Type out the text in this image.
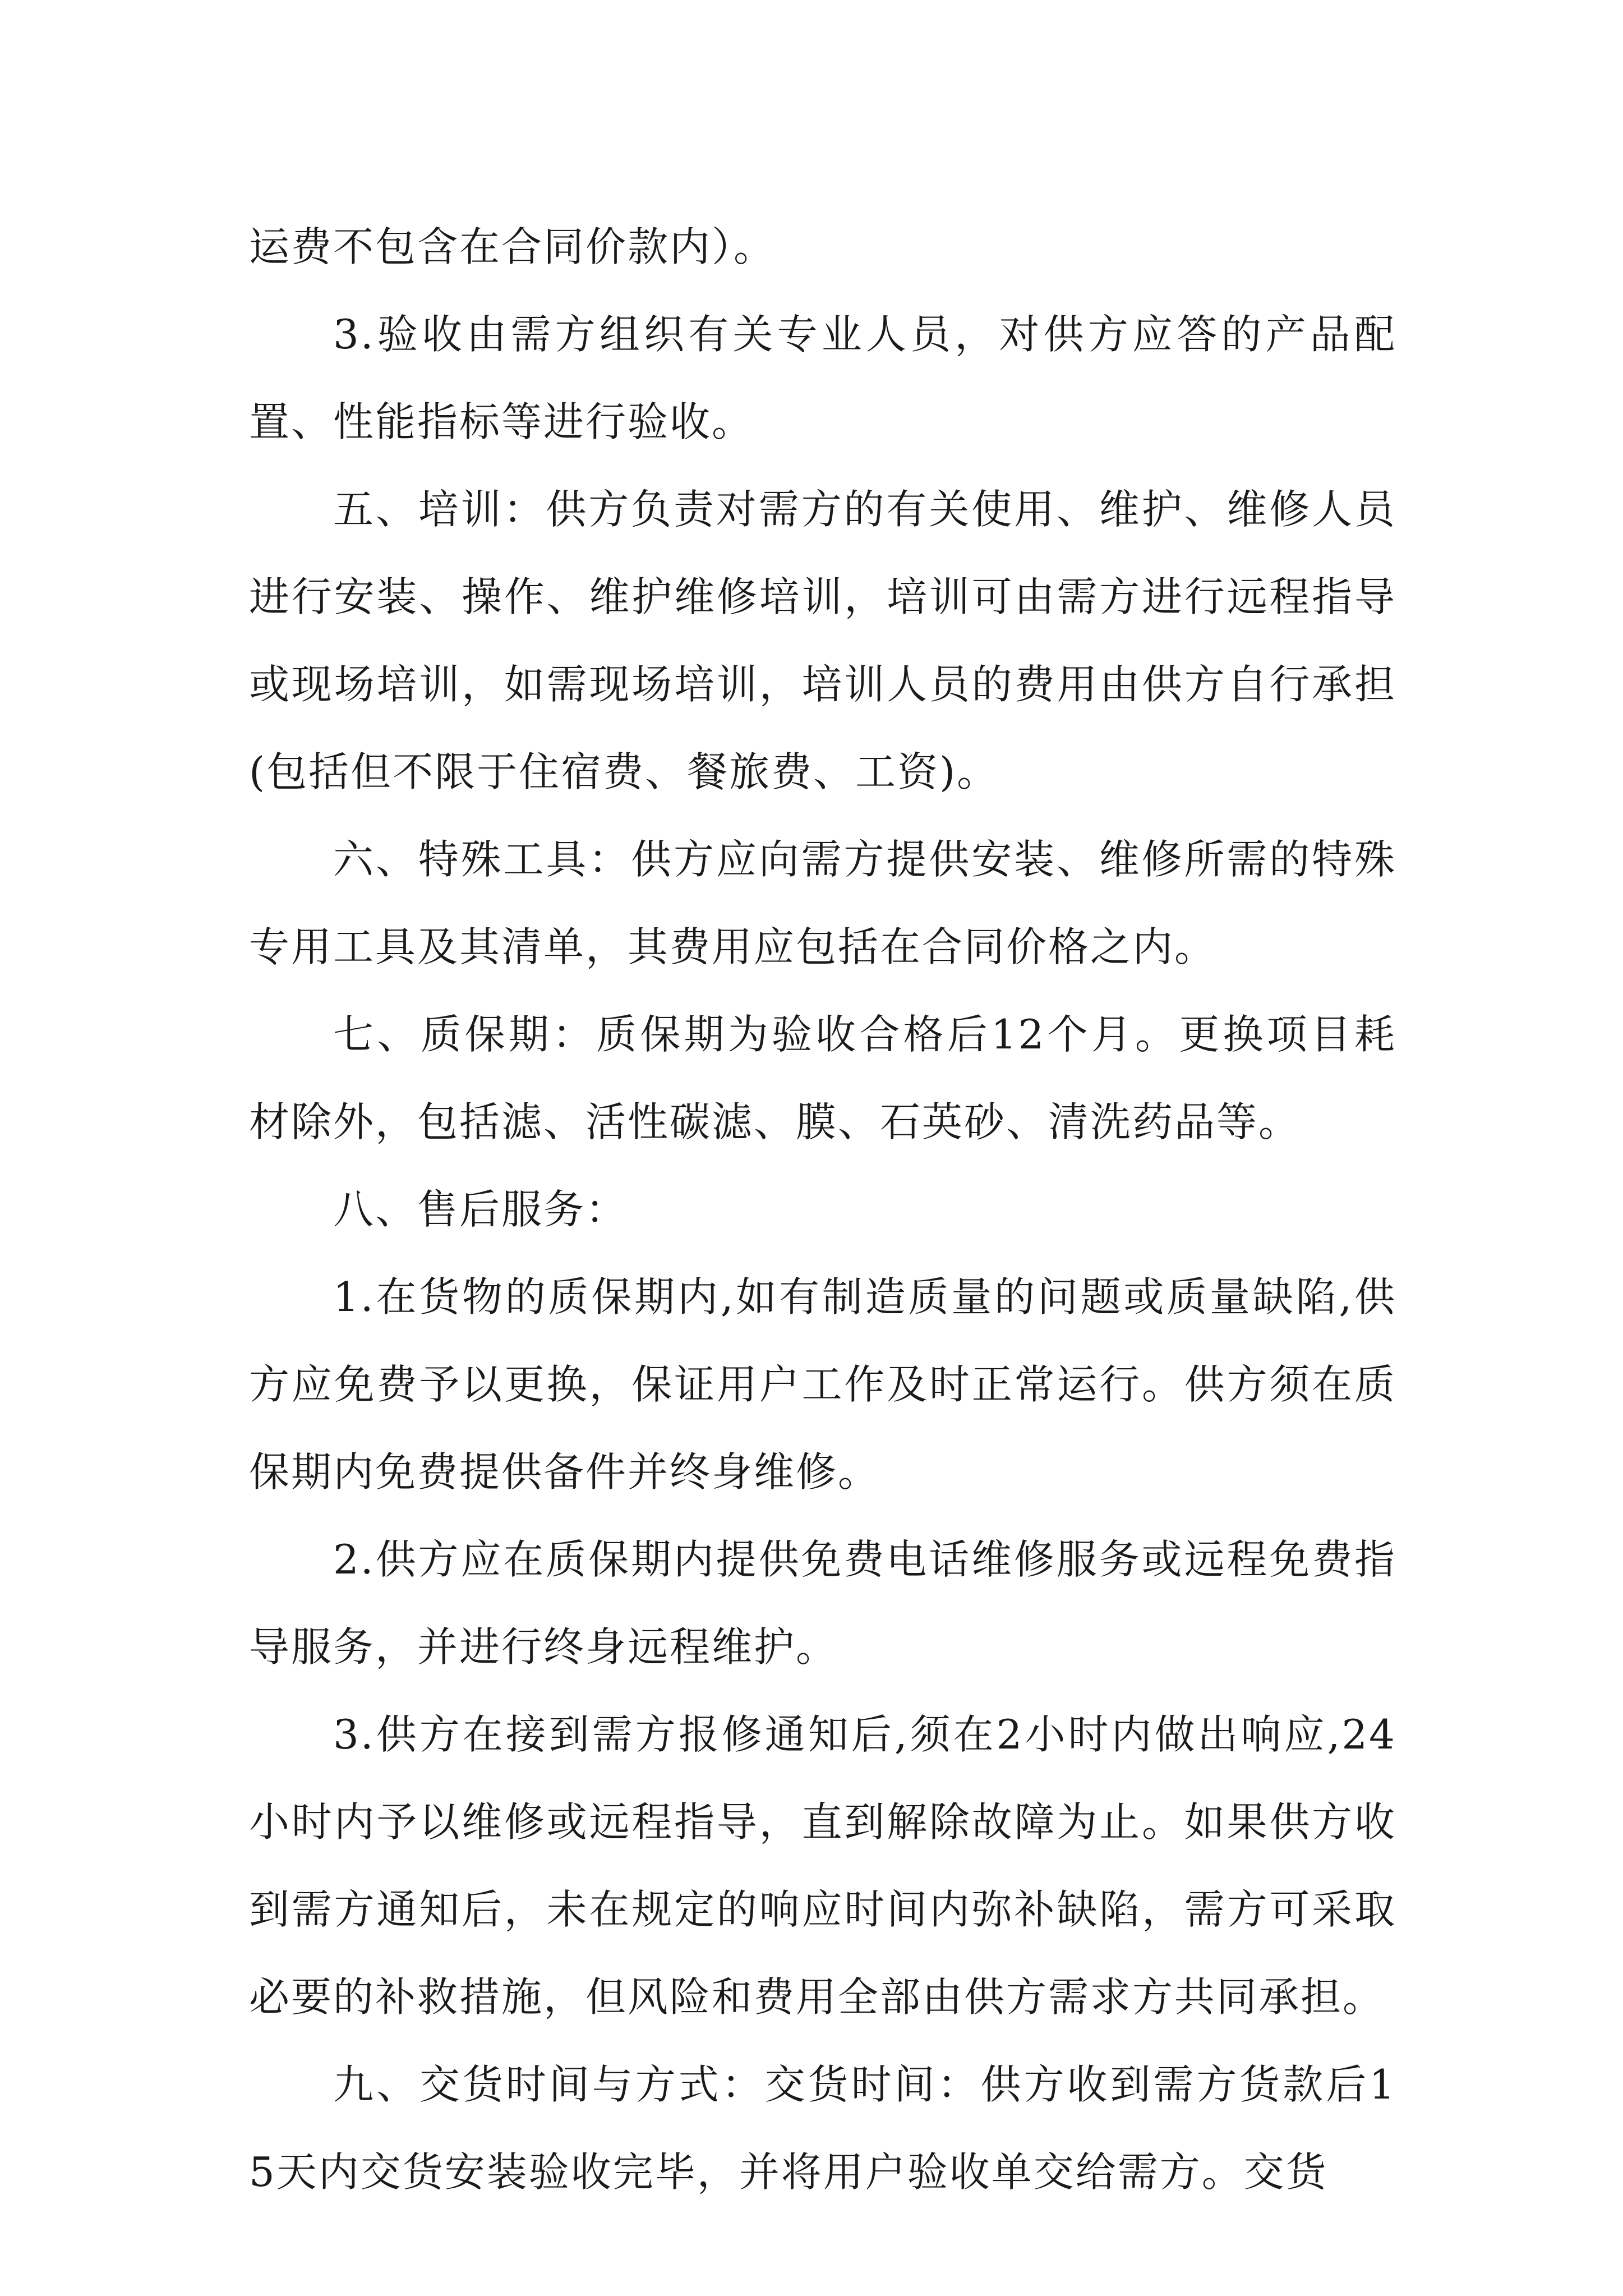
运费不包含在合同价款内）。

3.验收由需方组织有关专业人员，对供方应答的产品配置、性能指标等进行验收。

五、培训：供方负责对需方的有关使用、维护、维修人员进行安装、操作、维护维修培训，培训可由需方进行远程指导或现场培训，如需现场培训，培训人员的费用由供方自行承担(包括但不限于住宿费、餐旅费、工资)。

六、特殊工具：供方应向需方提供安装、维修所需的特殊专用工具及其清单，其费用应包括在合同价格之内。

七、质保期：质保期为验收合格后12个月。更换项目耗材除外，包括滤、活性碳滤、膜、石英砂、清洗药品等。

八、售后服务：

1.在货物的质保期内,如有制造质量的问题或质量缺陷,供方应免费予以更换，保证用户工作及时正常运行。供方须在质保期内免费提供备件并终身维修。

2.供方应在质保期内提供免费电话维修服务或远程免费指导服务，并进行终身远程维护。

3.供方在接到需方报修通知后,须在2小时内做出响应,24小时内予以维修或远程指导，直到解除故障为止。如果供方收到需方通知后，未在规定的响应时间内弥补缺陷，需方可采取必要的补救措施，但风险和费用全部由供方需求方共同承担。

九、交货时间与方式：交货时间：供方收到需方货款后15天内交货安装验收完毕，并将用户验收单交给需方。交货
